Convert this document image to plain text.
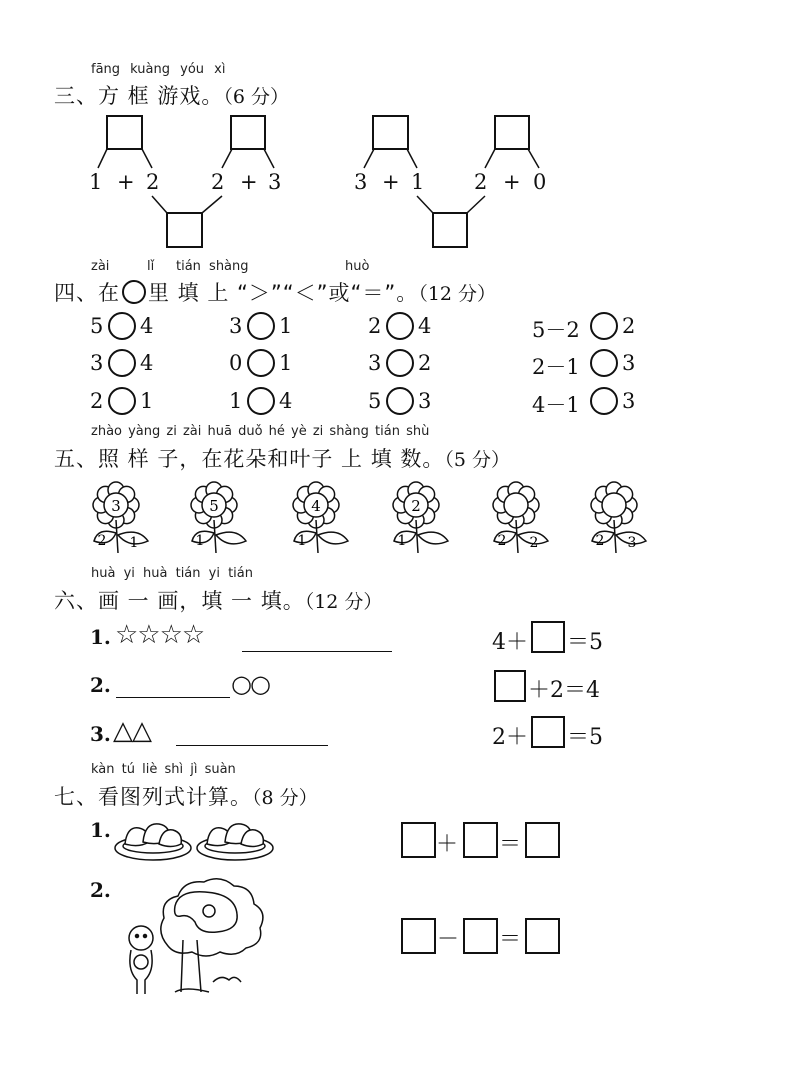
fāng kuàng yóu xì
三、方 框 游戏。（6 分）
1 + 2 2 + 3	3 + 1 2 + 0
zài	lǐ tián shàng	huò
四、在 里 填 上 “＞”“＜”或“＝”。（12 分）
5 4	3 1	2 4	5－2 2
3 4	0 1	3 2	2－1 3
2 1	1 4	5 3	4－1 3
zhào yàng zi zài huā duǒ hé yè zi shàng tián shù
五、照 样 子，在花朵和叶子 上 填 数。（5 分）
3
2 1
5
1
4
1
2
1	2 2	2 3
huà yi huà tián yi tián
六、画 一 画，填 一 填。（12 分）
1. ☆☆☆☆
2.	○○
3. △△
4＋ ＝5
＋2＝4
2＋ ＝5
kàn tú liè shì jì suàn
七、看图列式计算。（8 分）
1.
＋ ＝
2.
－ ＝
